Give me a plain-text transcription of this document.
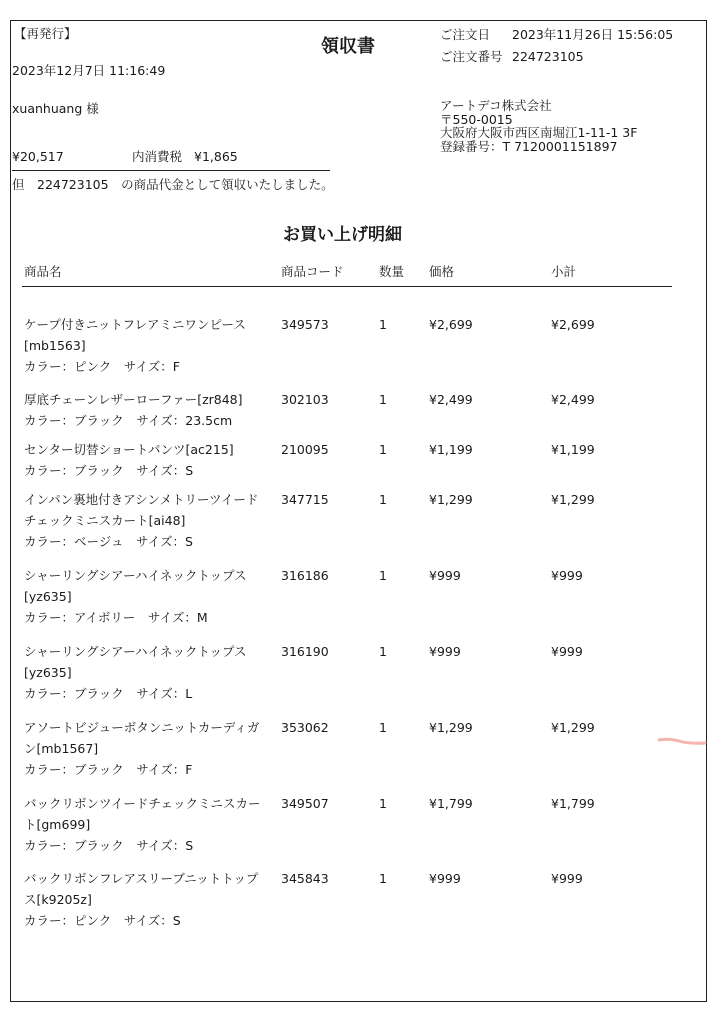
【再発行】
領収書
2023年12月7日 11:16:49
xuanhuang 様
ご注文日 2023年11月26日 15:56:05
ご注文番号 224723105
アートデコ株式会社
〒550-0015
大阪府大阪市西区南堀江1-11-1 3F
登録番号：T 7120001151897
¥20,517	内消費税 ¥1,865
但　224723105　の商品代金として領収いたしました。
お買い上げ明細
商品名	商品コード	数量 価格	小計
ケープ付きニットフレアミニワンピース
[mb1563]
カラー：ピンク　サイズ：F
349573	1	¥2,699	¥2,699
厚底チェーンレザーローファー[zr848]
カラー：ブラック　サイズ：23.5cm
302103	1	¥2,499	¥2,499
センター切替ショートパンツ[ac215]
カラー：ブラック　サイズ：S
210095	1	¥1,199	¥1,199
インパン裏地付きアシンメトリーツイード
チェックミニスカート[ai48]
カラー：ベージュ　サイズ：S
347715	1	¥1,299	¥1,299
シャーリングシアーハイネックトップス
[yz635]
カラー：アイボリー　サイズ：M
316186	1	¥999	¥999
シャーリングシアーハイネックトップス
[yz635]
カラー：ブラック　サイズ：L
316190	1	¥999	¥999
アソートビジューボタンニットカーディガ
ン[mb1567]
カラー：ブラック　サイズ：F
353062	1	¥1,299	¥1,299
バックリボンツイードチェックミニスカー
ト[gm699]
カラー：ブラック　サイズ：S
349507	1	¥1,799	¥1,799
バックリボンフレアスリーブニットトップ
ス[k9205z]
カラー：ピンク　サイズ：S
345843	1	¥999	¥999
